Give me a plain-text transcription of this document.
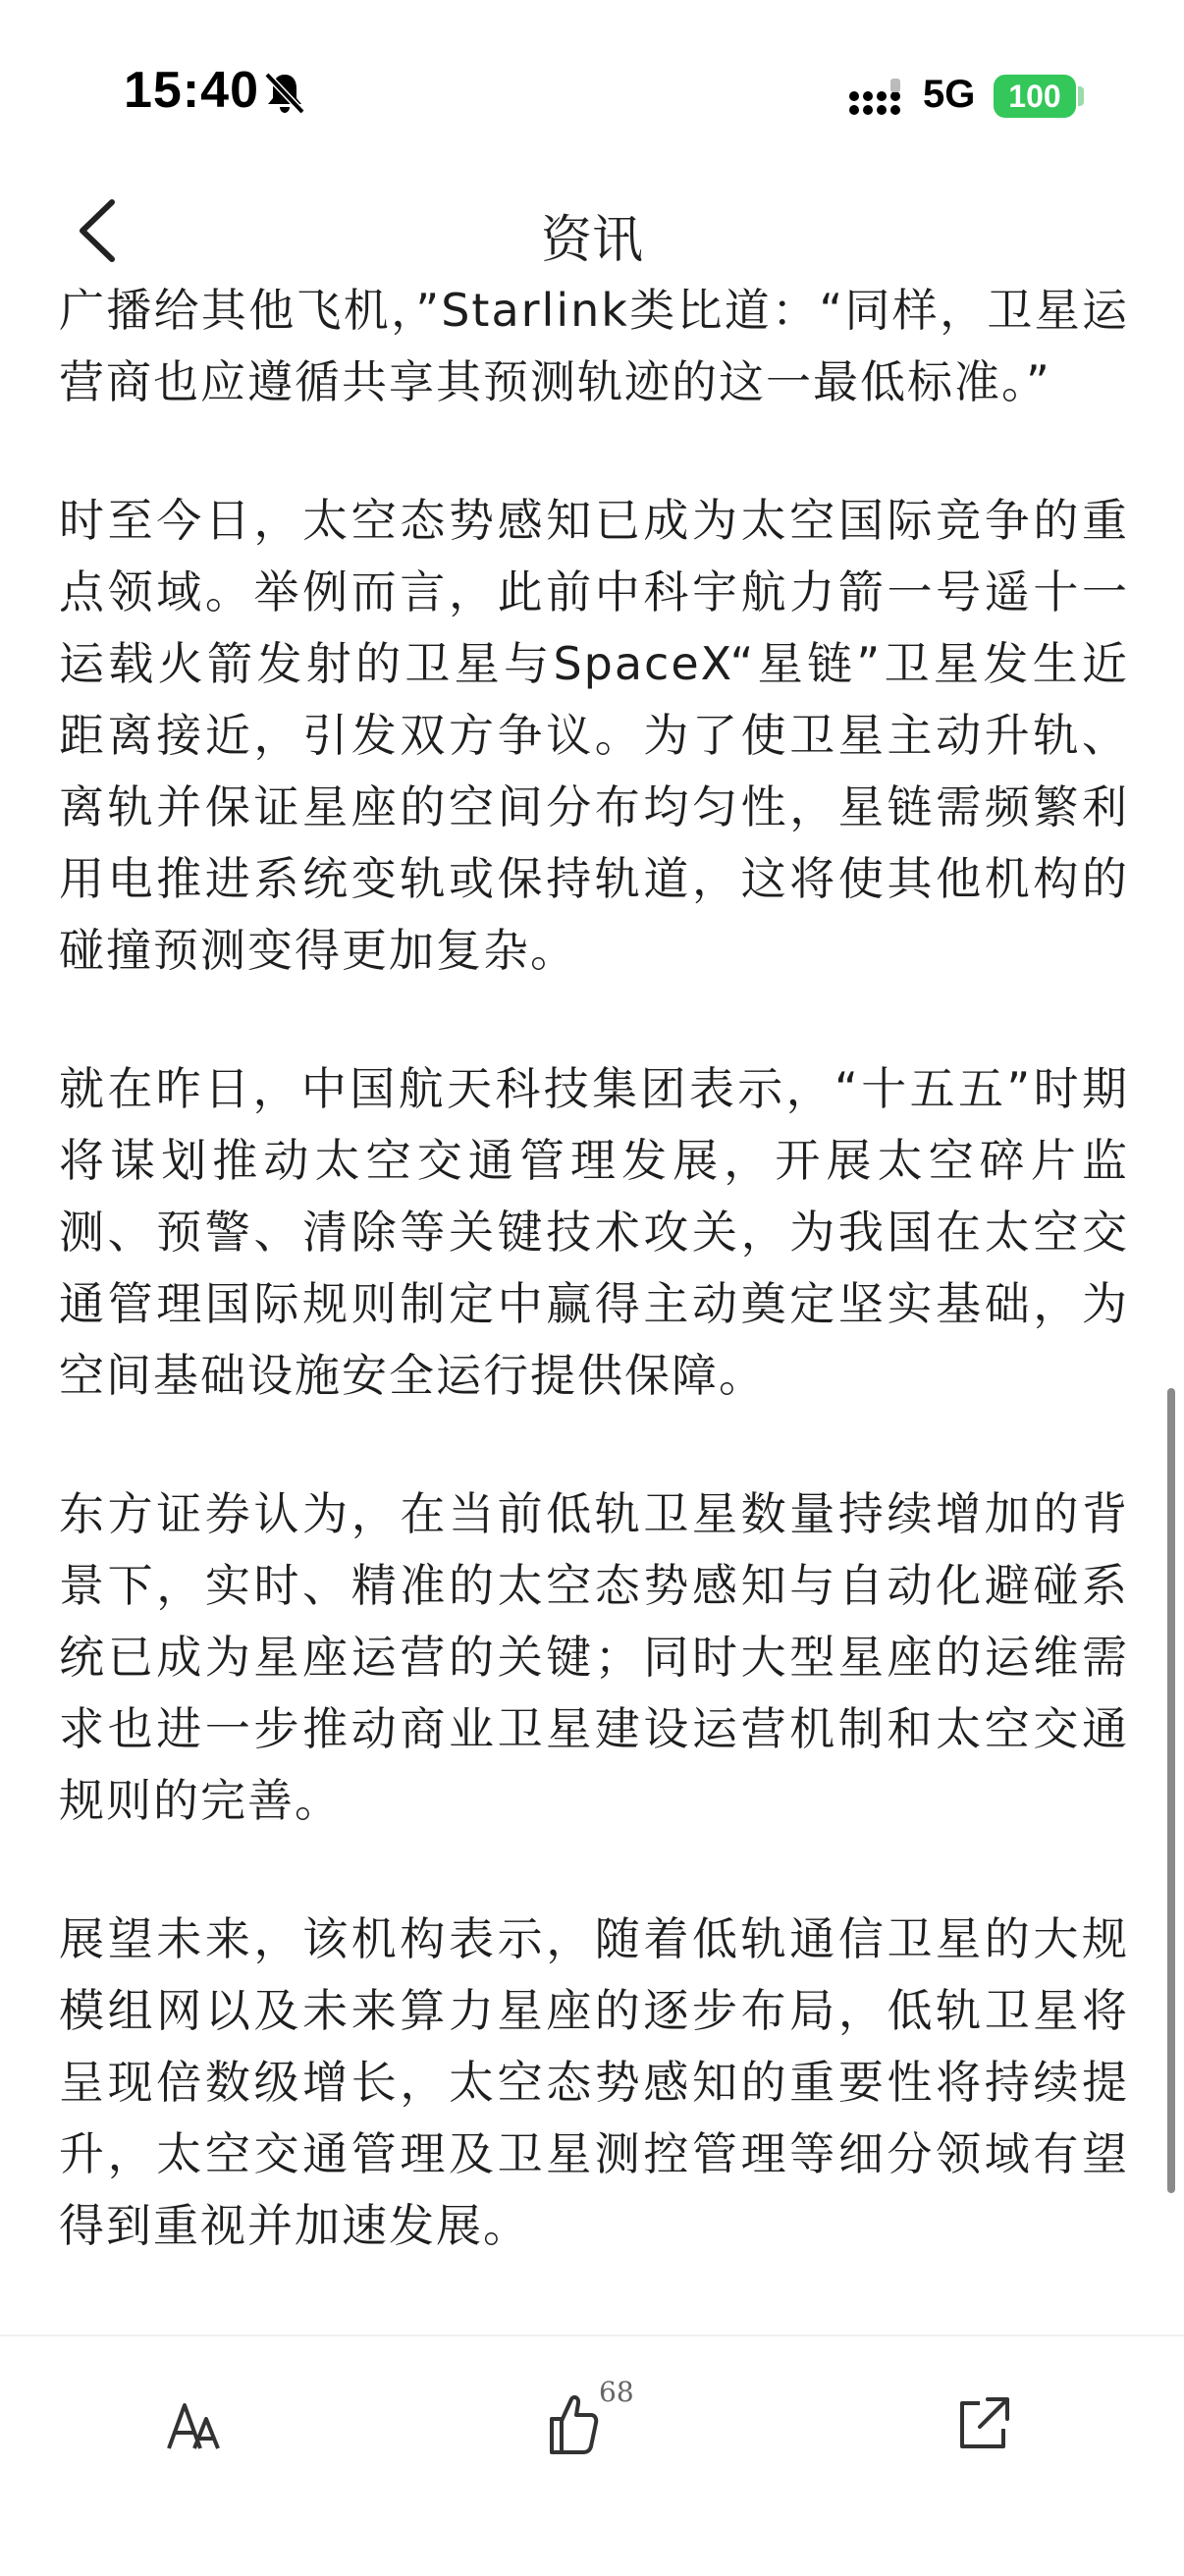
15:40	5G	100
资讯

广播给其他飞机，”Starlink类比道：“同样，卫星运营商也应遵循共享其预测轨迹的这一最低标准。”

时至今日，太空态势感知已成为太空国际竞争的重点领域。举例而言，此前中科宇航力箭一号遥十一运载火箭发射的卫星与SpaceX“星链”卫星发生近距离接近，引发双方争议。为了使卫星主动升轨、离轨并保证星座的空间分布均匀性，星链需频繁利用电推进系统变轨或保持轨道，这将使其他机构的碰撞预测变得更加复杂。

就在昨日，中国航天科技集团表示，“十五五”时期将谋划推动太空交通管理发展，开展太空碎片监测、预警、清除等关键技术攻关，为我国在太空交通管理国际规则制定中赢得主动奠定坚实基础，为空间基础设施安全运行提供保障。

东方证券认为，在当前低轨卫星数量持续增加的背景下，实时、精准的太空态势感知与自动化避碰系统已成为星座运营的关键；同时大型星座的运维需求也进一步推动商业卫星建设运营机制和太空交通规则的完善。

展望未来，该机构表示，随着低轨通信卫星的大规模组网以及未来算力星座的逐步布局，低轨卫星将呈现倍数级增长，太空态势感知的重要性将持续提升，太空交通管理及卫星测控管理等细分领域有望得到重视并加速发展。

68
